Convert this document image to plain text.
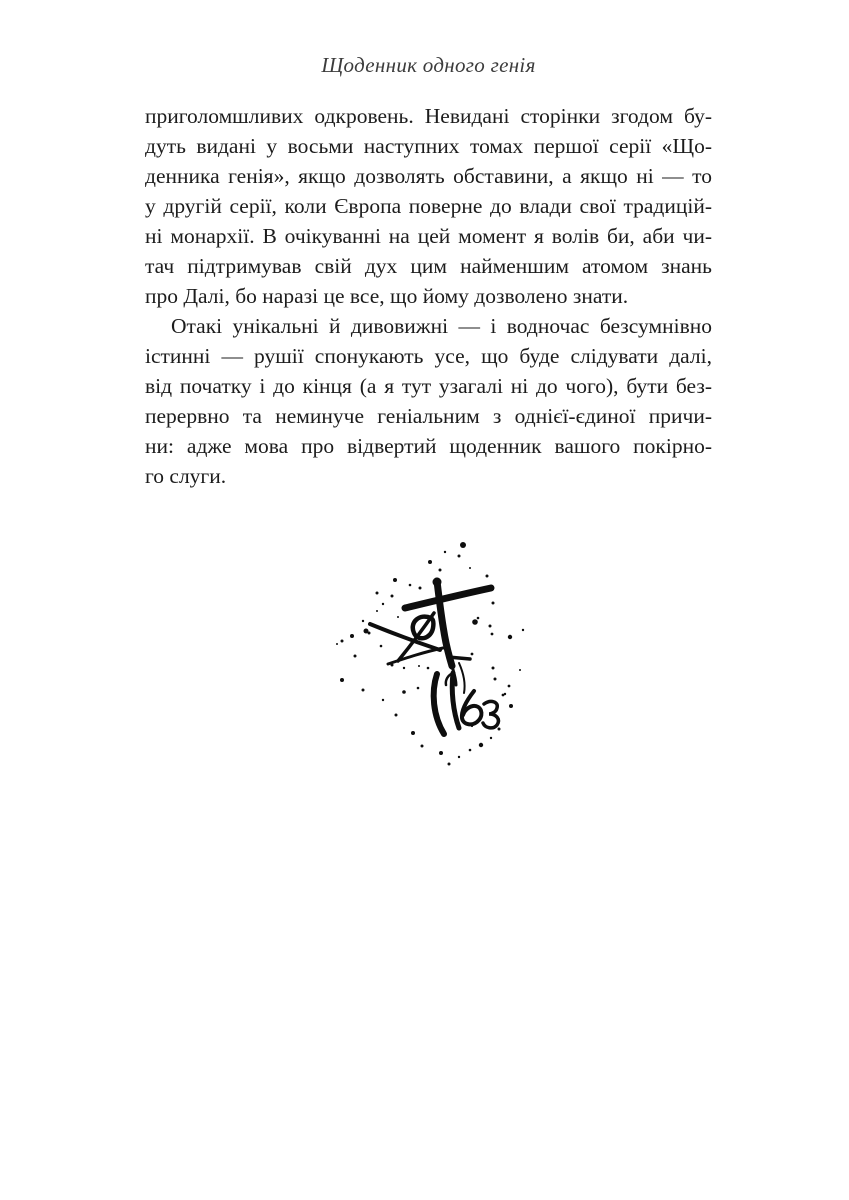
Щоденник одного генія
приголомшливих одкровень. Невидані сторінки згодом бу-
дуть видані у восьми наступних томах першої серії «Що-
денника генія», якщо дозволять обставини, а якщо ні — то
у другій серії, коли Європа поверне до влади свої традицій-
ні монархії. В очікуванні на цей момент я волів би, аби чи-
тач підтримував свій дух цим найменшим атомом знань
про Далі, бо наразі це все, що йому дозволено знати.
Отакі унікальні й дивовижні — і водночас безсумнівно
істинні — рушії спонукають усе, що буде слідувати далі,
від початку і до кінця (а я тут узагалі ні до чого), бути без-
перервно та неминуче геніальним з однієї-єдиної причи-
ни: адже мова про відвертий щоденник вашого покірно-
го слуги.
